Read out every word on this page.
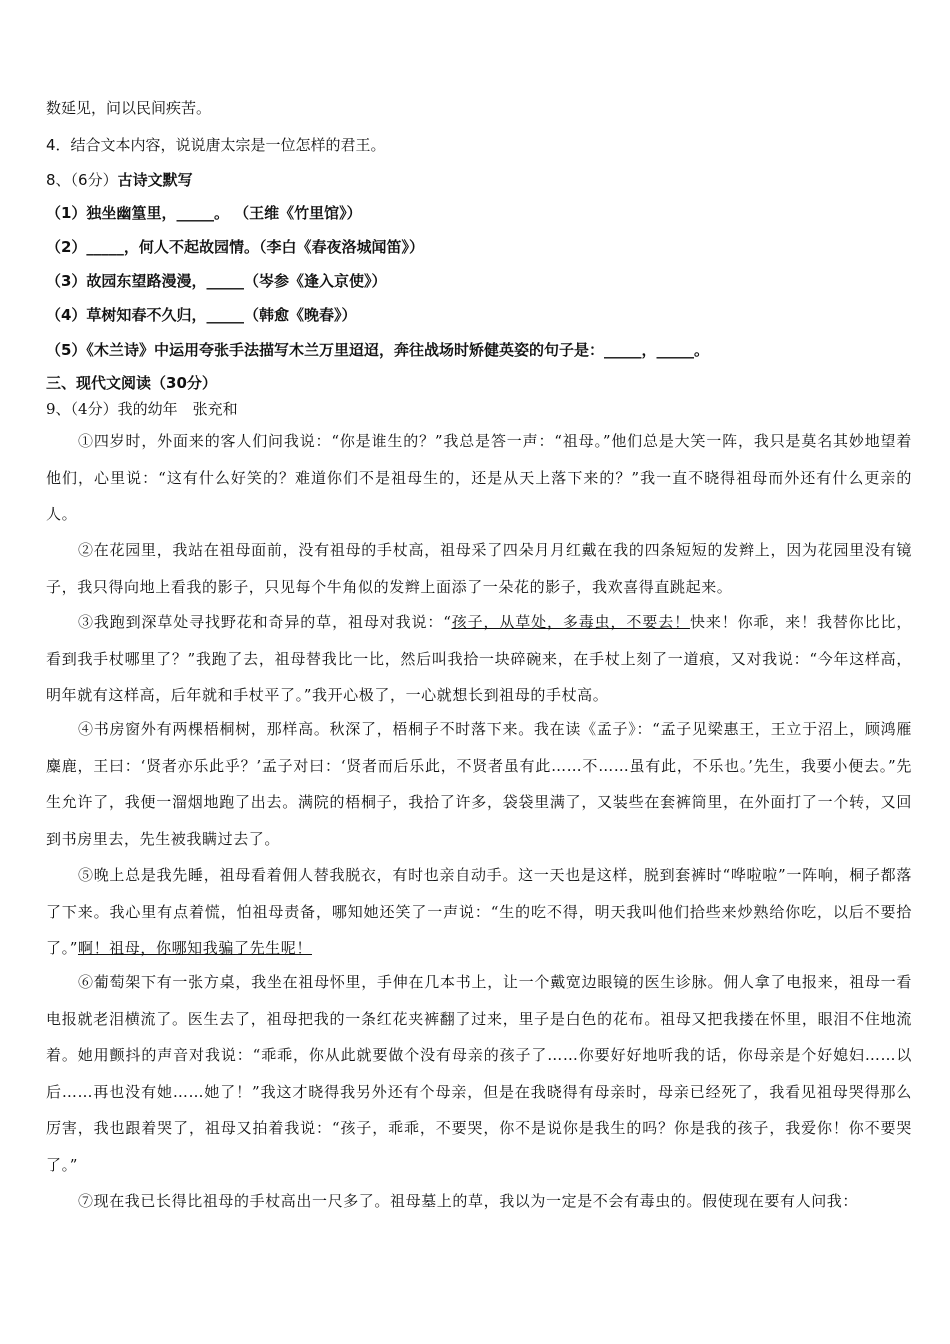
数延见，问以民间疾苦。
4．结合文本内容，说说唐太宗是一位怎样的君王。
8、（6分）古诗文默写
（1）独坐幽篁里，_____。 （王维《竹里馆》）
（2）_____，何人不起故园情。（李白《春夜洛城闻笛》）
（3）故园东望路漫漫，_____（岑参《逢入京使》）
（4）草树知春不久归，_____（韩愈《晚春》）
（5）《木兰诗》中运用夸张手法描写木兰万里迢迢，奔往战场时矫健英姿的句子是：_____，_____。
三、现代文阅读（30分）
9、（4分）我的幼年　张充和
①四岁时，外面来的客人们问我说：“你是谁生的？”我总是答一声：“祖母。”他们总是大笑一阵，我只是莫名其妙地望着他们，心里说：“这有什么好笑的？难道你们不是祖母生的，还是从天上落下来的？”我一直不晓得祖母而外还有什么更亲的人。
②在花园里，我站在祖母面前，没有祖母的手杖高，祖母采了四朵月月红戴在我的四条短短的发辫上，因为花园里没有镜子，我只得向地上看我的影子，只见每个牛角似的发辫上面添了一朵花的影子，我欢喜得直跳起来。
③我跑到深草处寻找野花和奇异的草，祖母对我说：“孩子，从草处，多毒虫，不要去！快来！你乖，来！我替你比比，看到我手杖哪里了？”我跑了去，祖母替我比一比，然后叫我拾一块碎碗来，在手杖上刻了一道痕，又对我说：“今年这样高，明年就有这样高，后年就和手杖平了。”我开心极了，一心就想长到祖母的手杖高。
④书房窗外有两棵梧桐树，那样高。秋深了，梧桐子不时落下来。我在读《孟子》：“孟子见梁惠王，王立于沼上，顾鸿雁麋鹿，王曰：‘贤者亦乐此乎？’孟子对曰：‘贤者而后乐此，不贤者虽有此……不……虽有此，不乐也。’先生，我要小便去。”先生允许了，我便一溜烟地跑了出去。满院的梧桐子，我拾了许多，袋袋里满了，又装些在套裤筒里，在外面打了一个转，又回到书房里去，先生被我瞒过去了。
⑤晚上总是我先睡，祖母看着佣人替我脱衣，有时也亲自动手。这一天也是这样，脱到套裤时“哗啦啦”一阵响，桐子都落了下来。我心里有点着慌，怕祖母责备，哪知她还笑了一声说：“生的吃不得，明天我叫他们拾些来炒熟给你吃，以后不要拾了。”啊！祖母，你哪知我骗了先生呢！
⑥葡萄架下有一张方桌，我坐在祖母怀里，手伸在几本书上，让一个戴宽边眼镜的医生诊脉。佣人拿了电报来，祖母一看电报就老泪横流了。医生去了，祖母把我的一条红花夹裤翻了过来，里子是白色的花布。祖母又把我搂在怀里，眼泪不住地流着。她用颤抖的声音对我说：“乖乖，你从此就要做个没有母亲的孩子了……你要好好地听我的话，你母亲是个好媳妇……以后……再也没有她……她了！”我这才晓得我另外还有个母亲，但是在我晓得有母亲时，母亲已经死了，我看见祖母哭得那么厉害，我也跟着哭了，祖母又拍着我说：“孩子，乖乖，不要哭，你不是说你是我生的吗？你是我的孩子，我爱你！你不要哭了。”
⑦现在我已长得比祖母的手杖高出一尺多了。祖母墓上的草，我以为一定是不会有毒虫的。假使现在要有人问我：
